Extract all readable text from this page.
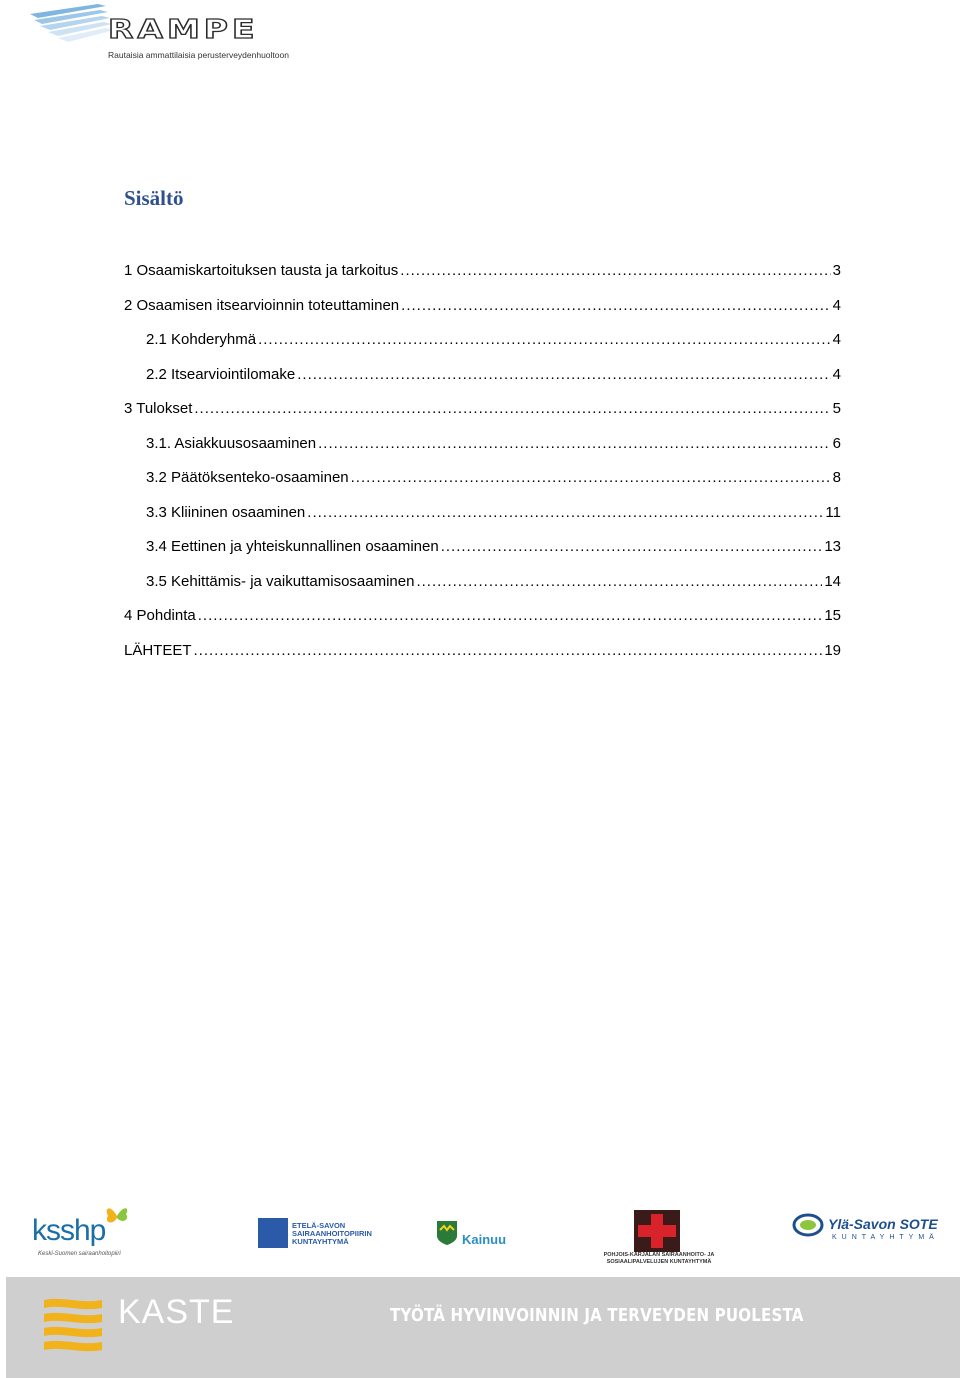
RAMPE
Rautaisia ammattilaisia perusterveydenhuoltoon
Sisältö
1 Osaamiskartoituksen tausta ja tarkoitus .....	3
2 Osaamisen itsearvioinnin toteuttaminen .....	4
2.1 Kohderyhmä .....	4
2.2 Itsearviointilomake .....	4
3 Tulokset .....	5
3.1. Asiakkuusosaaminen .....	6
3.2 Päätöksenteko-osaaminen .....	8
3.3 Kliininen osaaminen .....	11
3.4 Eettinen ja yhteiskunnallinen osaaminen .....	13
3.5 Kehittämis- ja vaikuttamisosaaminen .....	14
4 Pohdinta .....	15
LÄHTEET .....	19
ksshp
Keski-Suomen sairaanhoitopiiri
ETELÄ-SAVON SAIRAANHOITOPIIRIN KUNTAYHTYMÄ	Kainuu
POHJOIS-KARJALAN SAIRAANHOITO- JA SOSIAALIPALVELUJEN KUNTAYHTYMÄ
Ylä-Savon SOTE
KUNTAYHTYMÄ
KASTE	TYÖTÄ HYVINVOINNIN JA TERVEYDEN PUOLESTA
